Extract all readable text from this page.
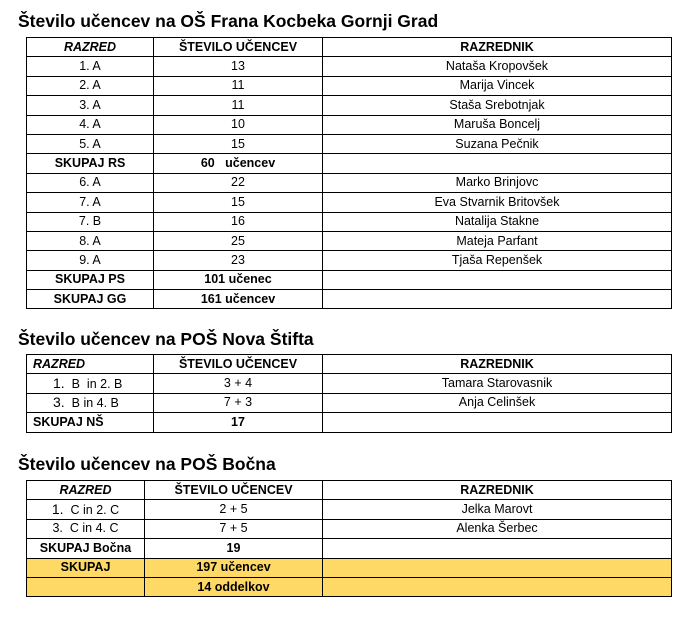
Število učencev na OŠ Frana Kocbeka Gornji Grad
RAZRED	ŠTEVILO UČENCEV	RAZREDNIK
1. A	13	Nataša Kropovšek
2. A	11	Marija Vincek
3. A	11	Staša Srebotnjak
4. A	10	Maruša Boncelj
5. A	15	Suzana Pečnik
SKUPAJ RS	60   učencev	
6. A	22	Marko Brinjovc
7. A	15	Eva Stvarnik Britovšek
7. B	16	Natalija Stakne
8. A	25	Mateja Parfant
9. A	23	Tjaša Repenšek
SKUPAJ PS	101 učenec	
SKUPAJ GG	161 učencev	
Število učencev na POŠ Nova Štifta
RAZRED	ŠTEVILO UČENCEV	RAZREDNIK
1. B  in 2. B	3 + 4	Tamara Starovasnik
3. B in 4. B	7 + 3	Anja Celinšek
SKUPAJ NŠ	17	
Število učencev na POŠ Bočna
RAZRED	ŠTEVILO UČENCEV	RAZREDNIK
1. C in 2. C	2 + 5	Jelka Marovt
3. C in 4. C	7 + 5	Alenka Šerbec
SKUPAJ Bočna	19	
SKUPAJ	197 učencev	
	14 oddelkov	
